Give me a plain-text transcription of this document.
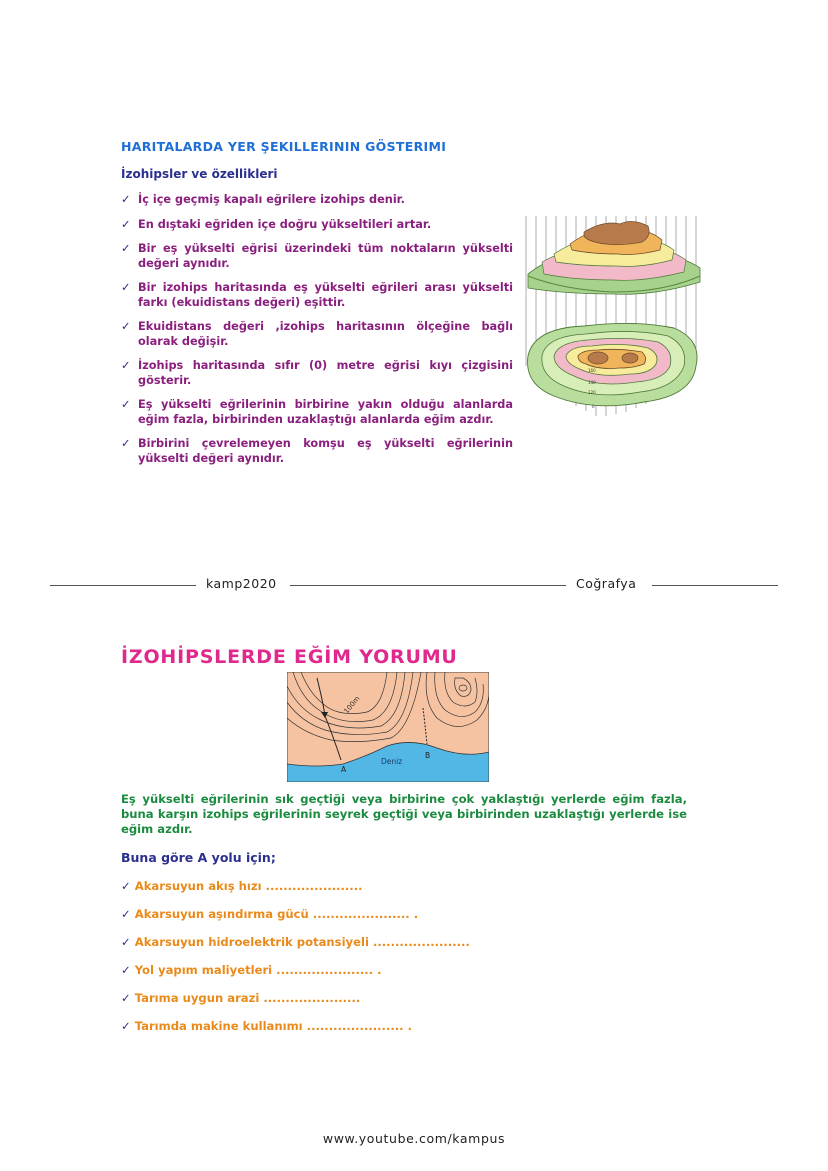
HARITALARDA YER ŞEKILLERININ GÖSTERIMI
İzohipsler ve özellikleri
✓ İç içe geçmiş kapalı eğrilere izohips denir.
✓ En dıştaki eğriden içe doğru yükseltileri artar.
✓ Bir eş yükselti eğrisi üzerindeki tüm noktaların yükselti değeri aynıdır.
✓ Bir izohips haritasında eş yükselti eğrileri arası yükselti farkı (ekuidistans değeri) eşittir.
✓ Ekuidistans değeri ,izohips haritasının ölçeğine bağlı olarak değişir.
✓ İzohips haritasında sıfır (0) metre eğrisi kıyı çizgisini gösterir.
✓ Eş yükselti eğrilerinin birbirine yakın olduğu alanlarda eğim fazla, birbirinden uzaklaştığı alanlarda eğim azdır.
✓ Birbirini çevrelemeyen komşu eş yükselti eğrilerinin yükselti değeri aynıdır.
160
140
120
0
kamp2020	Coğrafya
İZOHİPSLERDE EĞİM YORUMU
100m
Deniz
A
B

Eş yükselti eğrilerinin sık geçtiği veya birbirine çok yaklaştığı yerlerde eğim fazla, buna karşın izohips eğrilerinin seyrek geçtiği veya birbirinden uzaklaştığı yerlerde ise eğim azdır.

Buna göre A yolu için;
✓ Akarsuyun akış hızı ......................
✓ Akarsuyun aşındırma gücü ...................... .
✓ Akarsuyun hidroelektrik potansiyeli ......................
✓ Yol yapım maliyetleri ...................... .
✓ Tarıma uygun arazi ......................
✓ Tarımda makine kullanımı ...................... .
www.youtube.com/kampus
